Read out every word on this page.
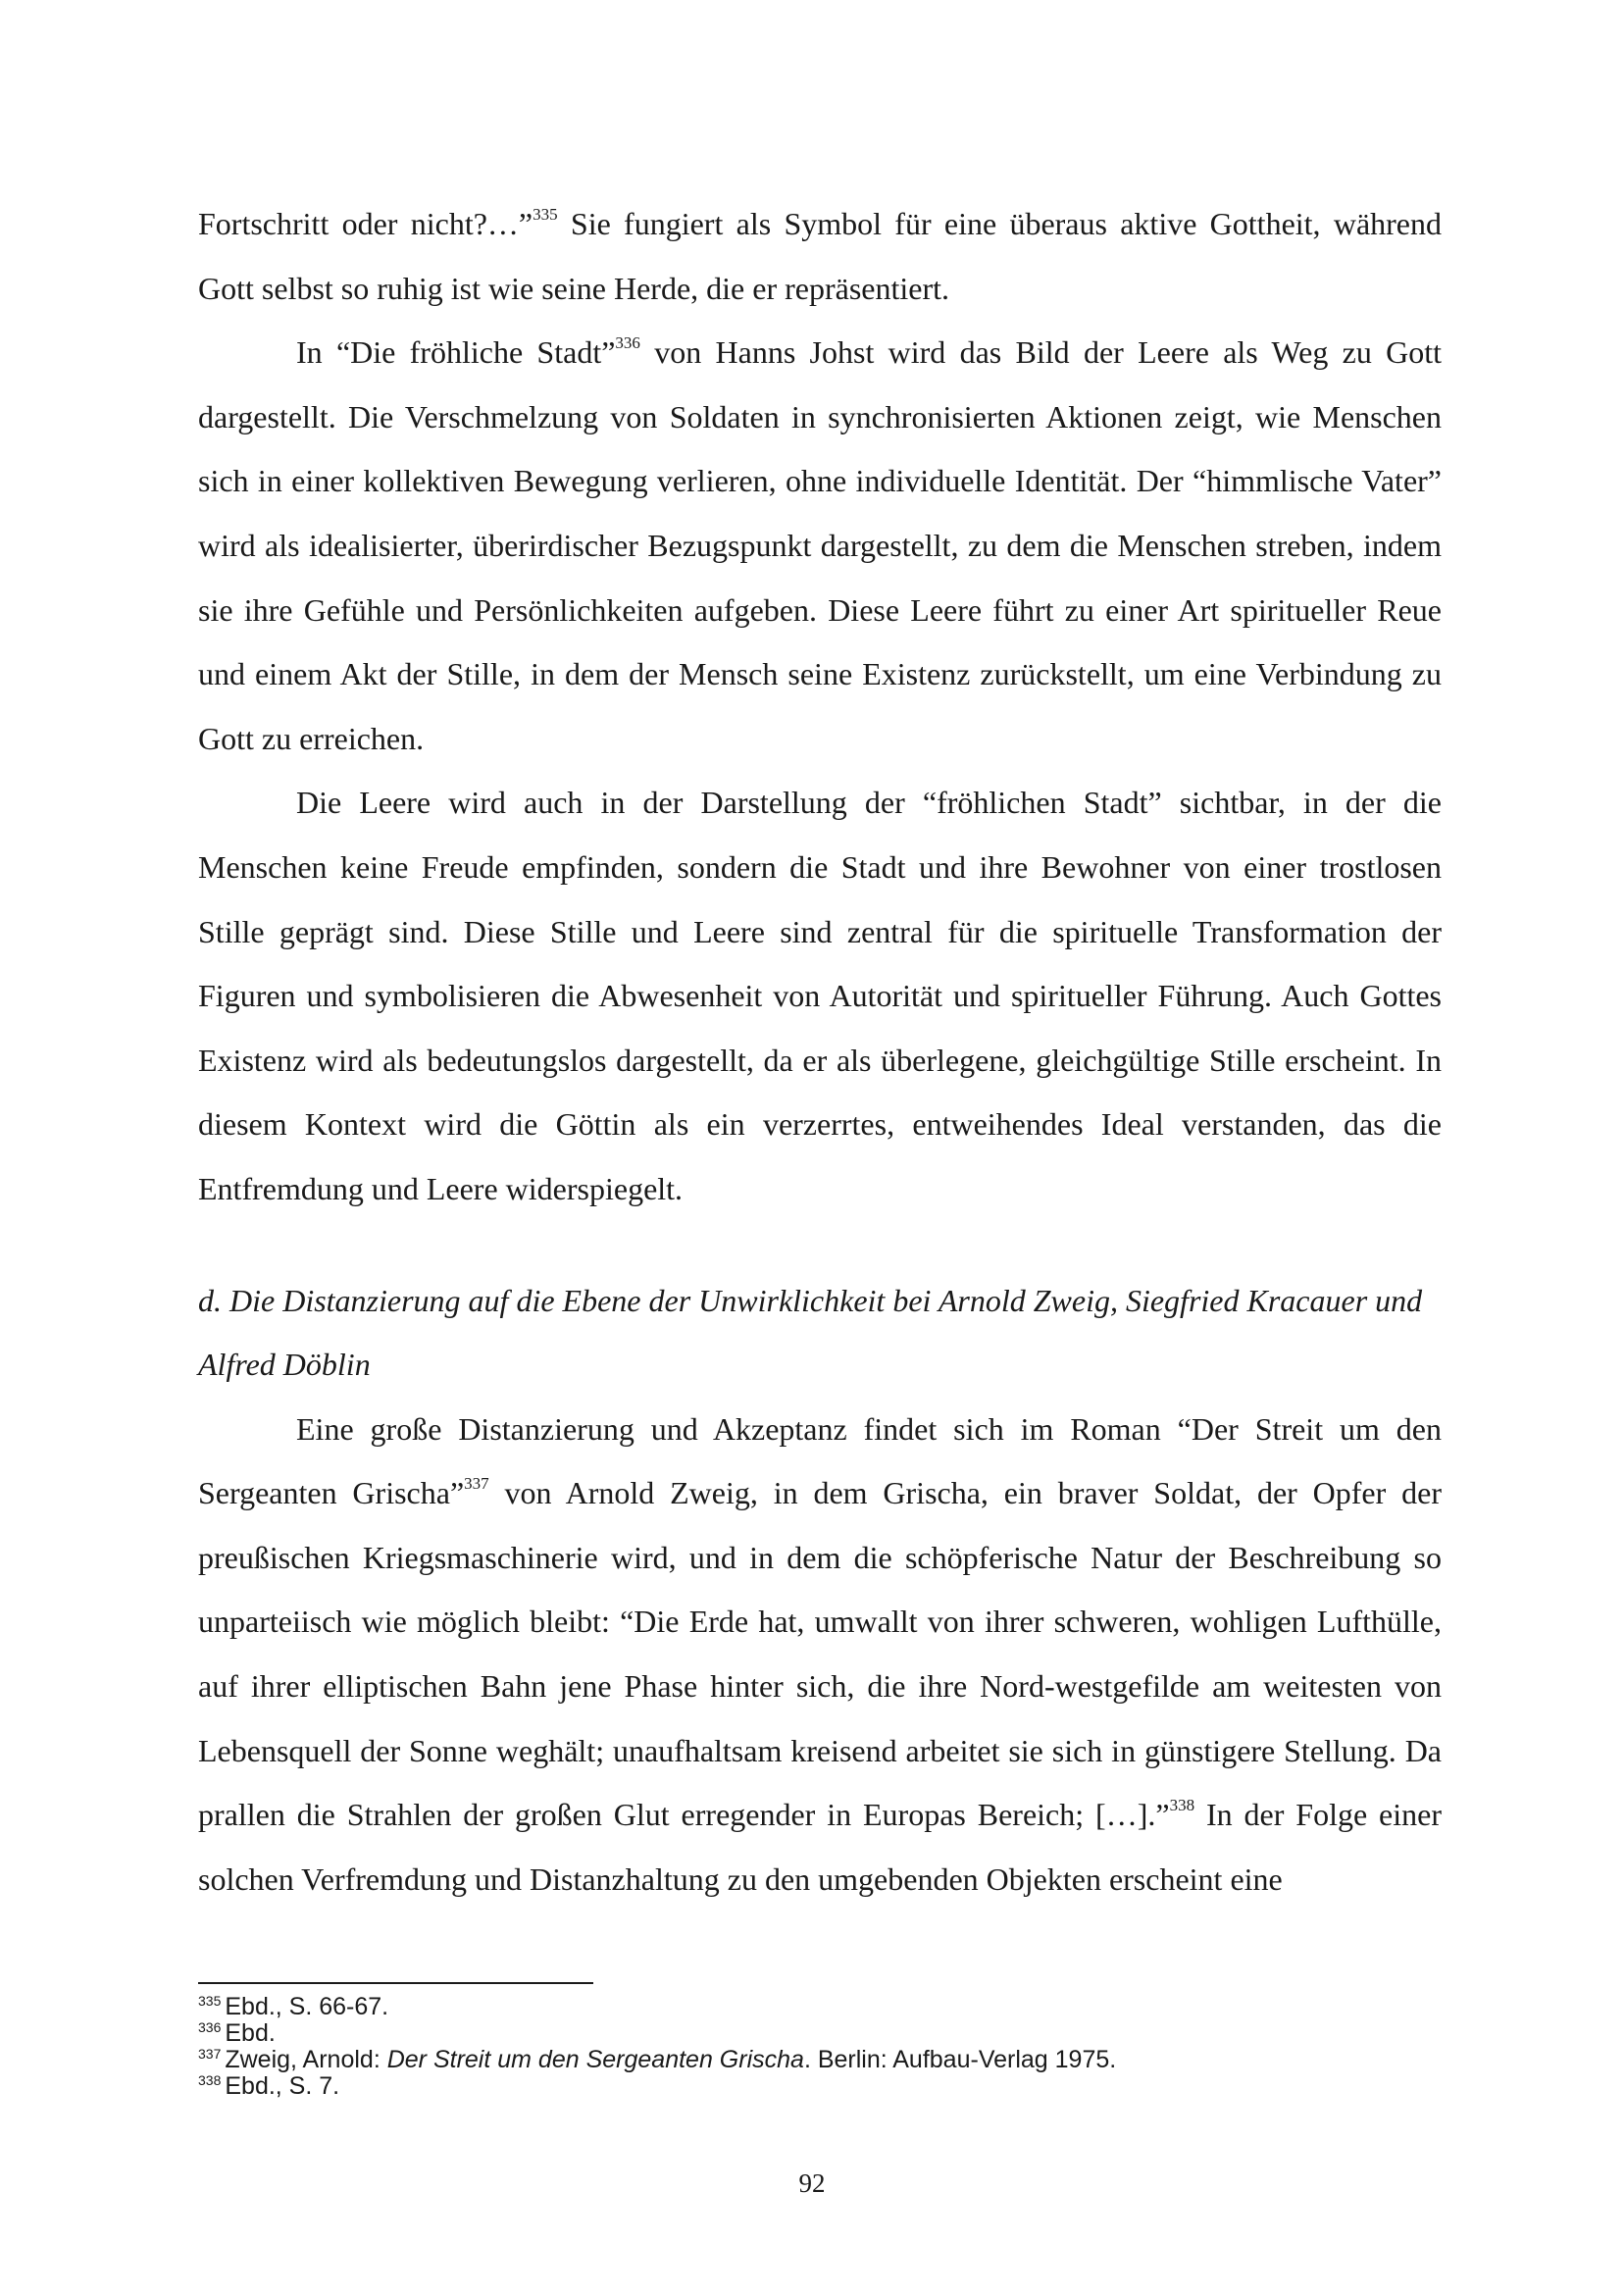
Fortschritt oder nicht?…”$^{335}$ Sie fungiert als Symbol für eine überaus aktive Gottheit, während Gott selbst so ruhig ist wie seine Herde, die er repräsentiert.

In “Die fröhliche Stadt”$^{336}$ von Hanns Johst wird das Bild der Leere als Weg zu Gott dargestellt. Die Verschmelzung von Soldaten in synchronisierten Aktionen zeigt, wie Menschen sich in einer kollektiven Bewegung verlieren, ohne individuelle Identität. Der “himmlische Vater” wird als idealisierter, überirdischer Bezugspunkt dargestellt, zu dem die Menschen streben, indem sie ihre Gefühle und Persönlichkeiten aufgeben. Diese Leere führt zu einer Art spiritueller Reue und einem Akt der Stille, in dem der Mensch seine Existenz zurückstellt, um eine Verbindung zu Gott zu erreichen.

Die Leere wird auch in der Darstellung der “fröhlichen Stadt” sichtbar, in der die Menschen keine Freude empfinden, sondern die Stadt und ihre Bewohner von einer trostlosen Stille geprägt sind. Diese Stille und Leere sind zentral für die spirituelle Transformation der Figuren und symbolisieren die Abwesenheit von Autorität und spiritueller Führung. Auch Gottes Existenz wird als bedeutungslos dargestellt, da er als überlegene, gleichgültige Stille erscheint. In diesem Kontext wird die Göttin als ein verzerrtes, entweihendes Ideal verstanden, das die Entfremdung und Leere widerspiegelt.

d. Die Distanzierung auf die Ebene der Unwirklichkeit bei Arnold Zweig, Siegfried Kracauer und Alfred Döblin

Eine große Distanzierung und Akzeptanz findet sich im Roman “Der Streit um den Sergeanten Grischa”$^{337}$ von Arnold Zweig, in dem Grischa, ein braver Soldat, der Opfer der preußischen Kriegsmaschinerie wird, und in dem die schöpferische Natur der Beschreibung so unparteiisch wie möglich bleibt: “Die Erde hat, umwallt von ihrer schweren, wohligen Lufthülle, auf ihrer elliptischen Bahn jene Phase hinter sich, die ihre Nord-westgefilde am weitesten von Lebensquell der Sonne weghält; unaufhaltsam kreisend arbeitet sie sich in günstigere Stellung. Da prallen die Strahlen der großen Glut erregender in Europas Bereich; […].”$^{338}$ In der Folge einer solchen Verfremdung und Distanzhaltung zu den umgebenden Objekten erscheint eine

$^{335}$ Ebd., S. 66-67.

$^{336}$ Ebd.

$^{337}$ Zweig, Arnold: Der Streit um den Sergeanten Grischa. Berlin: Aufbau-Verlag 1975.

$^{338}$ Ebd., S. 7.

92
